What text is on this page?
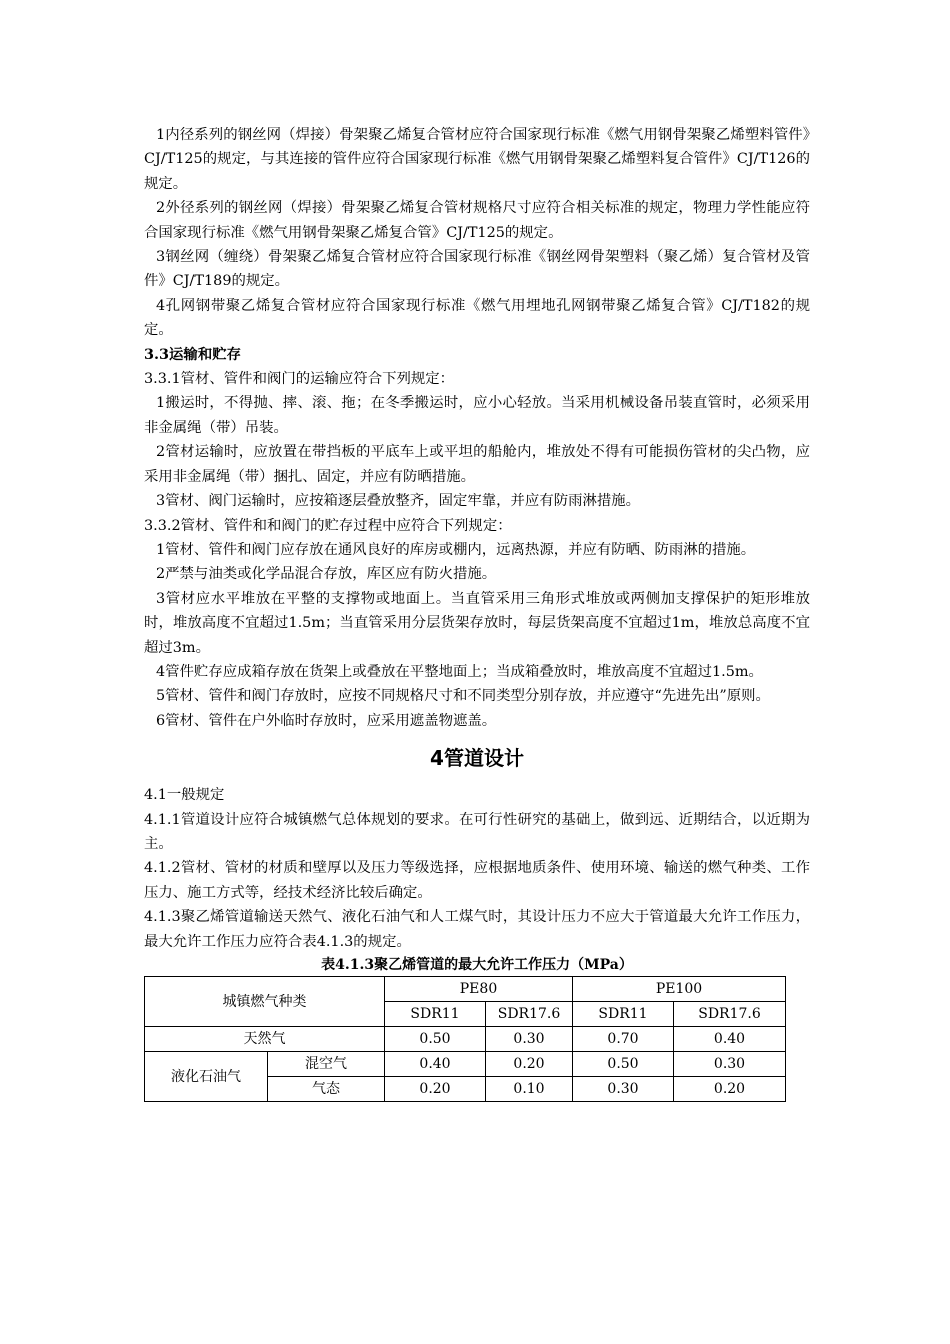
1内径系列的钢丝网（焊接）骨架聚乙烯复合管材应符合国家现行标准《燃气用钢骨架聚乙烯塑料管件》CJ/T125的规定，与其连接的管件应符合国家现行标准《燃气用钢骨架聚乙烯塑料复合管件》CJ/T126的规定。

2外径系列的钢丝网（焊接）骨架聚乙烯复合管材规格尺寸应符合相关标准的规定，物理力学性能应符合国家现行标准《燃气用钢骨架聚乙烯复合管》CJ/T125的规定。

3钢丝网（缠绕）骨架聚乙烯复合管材应符合国家现行标准《钢丝网骨架塑料（聚乙烯）复合管材及管件》CJ/T189的规定。

4孔网钢带聚乙烯复合管材应符合国家现行标准《燃气用埋地孔网钢带聚乙烯复合管》CJ/T182的规定。

3.3运输和贮存

3.3.1管材、管件和阀门的运输应符合下列规定：

1搬运时，不得抛、摔、滚、拖；在冬季搬运时，应小心轻放。当采用机械设备吊装直管时，必须采用非金属绳（带）吊装。

2管材运输时，应放置在带挡板的平底车上或平坦的船舱内，堆放处不得有可能损伤管材的尖凸物，应采用非金属绳（带）捆扎、固定，并应有防晒措施。

3管材、阀门运输时，应按箱逐层叠放整齐，固定牢靠，并应有防雨淋措施。

3.3.2管材、管件和和阀门的贮存过程中应符合下列规定：

1管材、管件和阀门应存放在通风良好的库房或棚内，远离热源，并应有防晒、防雨淋的措施。

2严禁与油类或化学品混合存放，库区应有防火措施。

3管材应水平堆放在平整的支撑物或地面上。当直管采用三角形式堆放或两侧加支撑保护的矩形堆放时，堆放高度不宜超过1.5m；当直管采用分层货架存放时，每层货架高度不宜超过1m，堆放总高度不宜超过3m。

4管件贮存应成箱存放在货架上或叠放在平整地面上；当成箱叠放时，堆放高度不宜超过1.5m。

5管材、管件和阀门存放时，应按不同规格尺寸和不同类型分别存放，并应遵守“先进先出”原则。

6管材、管件在户外临时存放时，应采用遮盖物遮盖。

4管道设计

4.1一般规定

4.1.1管道设计应符合城镇燃气总体规划的要求。在可行性研究的基础上，做到远、近期结合，以近期为主。

4.1.2管材、管材的材质和壁厚以及压力等级选择，应根据地质条件、使用环境、输送的燃气种类、工作压力、施工方式等，经技术经济比较后确定。

4.1.3聚乙烯管道输送天然气、液化石油气和人工煤气时，其设计压力不应大于管道最大允许工作压力，最大允许工作压力应符合表4.1.3的规定。

表4.1.3聚乙烯管道的最大允许工作压力（MPa）

城镇燃气种类		PE80		PE100	
		SDR11	SDR17.6	SDR11	SDR17.6
天然气		0.50	0.30	0.70	0.40
液化石油气	混空气	0.40	0.20	0.50	0.30
	气态	0.20	0.10	0.30	0.20
